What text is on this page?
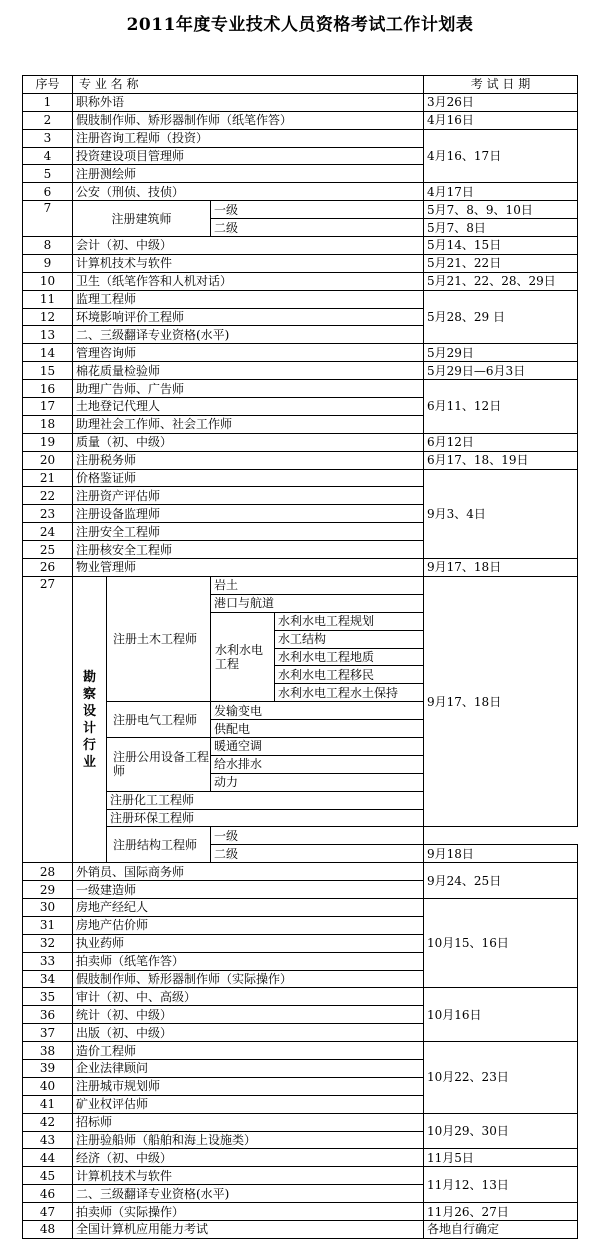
2011年度专业技术人员资格考试工作计划表
序号	专 业 名 称				考 试 日 期
1	职称外语				3月26日
2	假肢制作师、矫形器制作师（纸笔作答）				4月16日
3	注册咨询工程师（投资）				4月16、17日
4	投资建设项目管理师				
5	注册测绘师				
6	公安（刑侦、技侦）				4月17日
7	注册建筑师		一级		5月7、8、9、10日
			二级		5月7、8日
8	会计（初、中级）				5月14、15日
9	计算机技术与软件				5月21、22日
10	卫生（纸笔作答和人机对话）				5月21、22、28、29日
11	监理工程师				5月28、29 日
12	环境影响评价工程师				
13	二、三级翻译专业资格(水平)				
14	管理咨询师				5月29日
15	棉花质量检验师				5月29日—6月3日
16	助理广告师、广告师				6月11、12日
17	土地登记代理人				
18	助理社会工作师、社会工作师				
19	质量（初、中级）				6月12日
20	注册税务师				6月17、18、19日
21	价格鉴证师				9月3、4日
22	注册资产评估师				
23	注册设备监理师				
24	注册安全工程师				
25	注册核安全工程师				
26	物业管理师				9月17、18日
27	勘察设计行业	注册土木工程师	岩土		9月17、18日
			港口与航道		
			水利水电工程	水利水电工程规划	
				水工结构	
				水利水电工程地质	
				水利水电工程移民	
				水利水电工程水土保持	
		注册电气工程师	发输变电		
			供配电		
		注册公用设备工程师	暖通空调		
			给水排水		
			动力		
		注册化工工程师			
		注册环保工程师			
		注册结构工程师	一级		
			二级		9月18日
28	外销员、国际商务师				9月24、25日
29	一级建造师				
30	房地产经纪人				10月15、16日
31	房地产估价师				
32	执业药师				
33	拍卖师（纸笔作答）				
34	假肢制作师、矫形器制作师（实际操作）				
35	审计（初、中、高级）				10月16日
36	统计（初、中级）				
37	出版（初、中级）				
38	造价工程师				10月22、23日
39	企业法律顾问				
40	注册城市规划师				
41	矿业权评估师				
42	招标师				10月29、30日
43	注册验船师（船舶和海上设施类）				
44	经济（初、中级）				11月5日
45	计算机技术与软件				11月12、13日
46	二、三级翻译专业资格(水平)				
47	拍卖师（实际操作）				11月26、27日
48	全国计算机应用能力考试				各地自行确定
